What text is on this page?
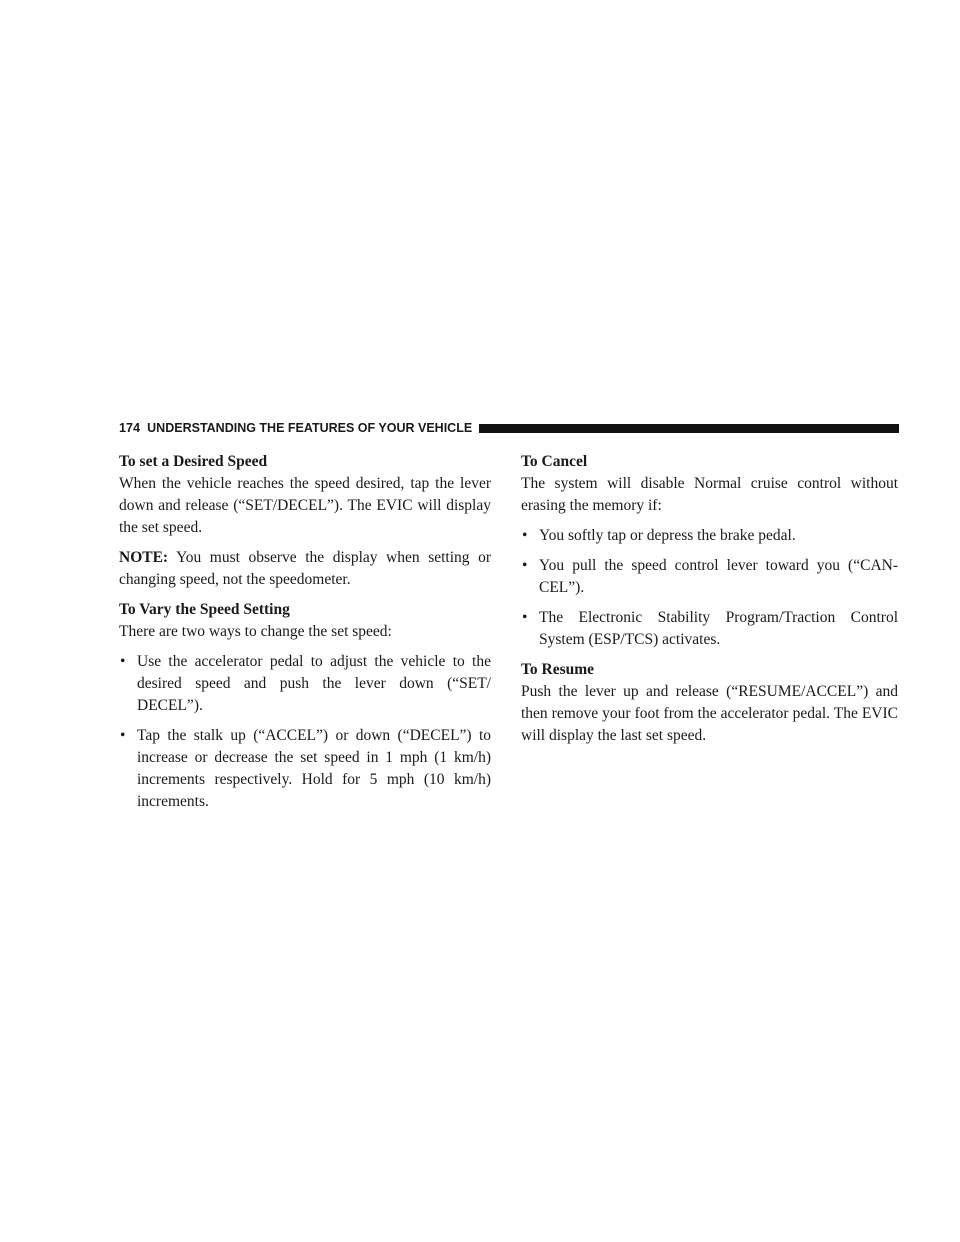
174 UNDERSTANDING THE FEATURES OF YOUR VEHICLE
To set a Desired Speed

When the vehicle reaches the speed desired, tap the lever down and release (“SET/DECEL”). The EVIC will display the set speed.

NOTE: You must observe the display when setting or changing speed, not the speedometer.

To Vary the Speed Setting

There are two ways to change the set speed:

• Use the accelerator pedal to adjust the vehicle to the desired speed and push the lever down (“SET/ DECEL”).
• Tap the stalk up (“ACCEL”) or down (“DECEL”) to increase or decrease the set speed in 1 mph (1 km/h) increments respectively. Hold for 5 mph (10 km/h) increments.
To Cancel

The system will disable Normal cruise control without erasing the memory if:

• You softly tap or depress the brake pedal.
• You pull the speed control lever toward you (“CAN- CEL”).
• The Electronic Stability Program/Traction Control System (ESP/TCS) activates.
To Resume

Push the lever up and release (“RESUME/ACCEL”) and then remove your foot from the accelerator pedal. The EVIC will display the last set speed.
